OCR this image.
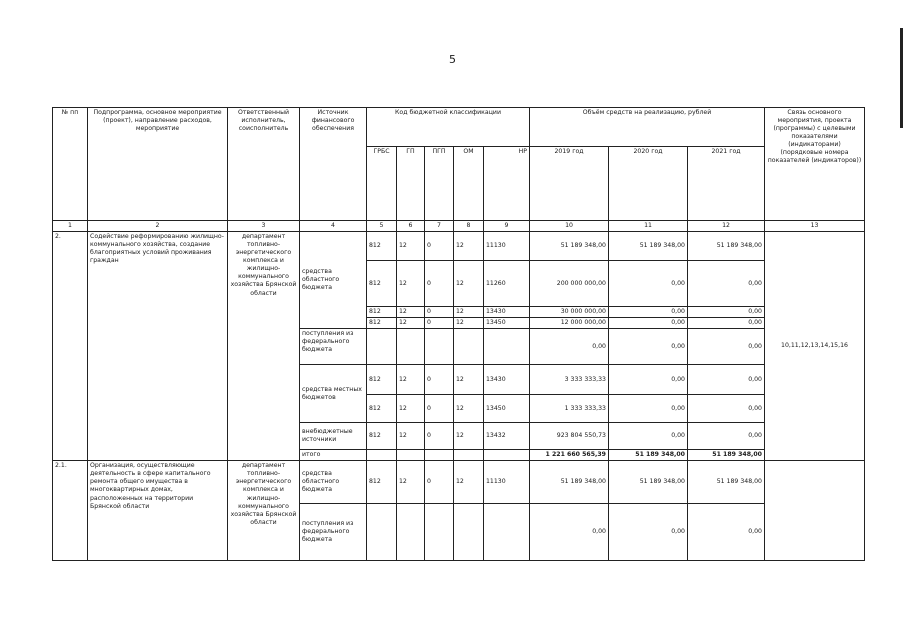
5
№ пп	Подпрограмма, основное мероприятие (проект), направление расходов, мероприятие	Ответственный исполнитель, соисполнитель	Источник финансового обеспечения	Код бюджетной классификации					Объём средств на реализацию, рублей			Связь основного мероприятия, проекта (программы) с целевыми показателями (индикаторами) (порядковые номера показателей (индикаторов))
				ГРБС	ГП	ПГП	ОМ	НР	2019 год	2020 год	2021 год	
1	2	3	4	5	6	7	8	9	10	11	12	13
2.	Содействие реформированию жилищно-коммунального хозяйства, создание благоприятных условий проживания граждан	департамент топливно-энергетического комплекса и жилищно-коммунального хозяйства Брянской области	средства областного бюджета	812	12	0	12	11130	51 189 348,00	51 189 348,00	51 189 348,00	10,11,12,13,14,15,16
				812	12	0	12	11260	200 000 000,00	0,00	0,00	
				812	12	0	12	13430	30 000 000,00	0,00	0,00	
				812	12	0	12	13450	12 000 000,00	0,00	0,00	
			поступления из федерального бюджета						0,00	0,00	0,00	
			средства местных бюджетов	812	12	0	12	13430	3 333 333,33	0,00	0,00	
				812	12	0	12	13450	1 333 333,33	0,00	0,00	
			внебюджетные источники	812	12	0	12	13432	923 804 550,73	0,00	0,00	
			итого						1 221 660 565,39	51 189 348,00	51 189 348,00	
2.1.	Организация, осуществляющие деятельность в сфере капитального ремонта общего имущества в многоквартирных домах, расположенных на территории Брянской области	департамент топливно-энергетического комплекса и жилищно-коммунального хозяйства Брянской области	средства областного бюджета	812	12	0	12	11130	51 189 348,00	51 189 348,00	51 189 348,00	
			поступления из федерального бюджета						0,00	0,00	0,00	
